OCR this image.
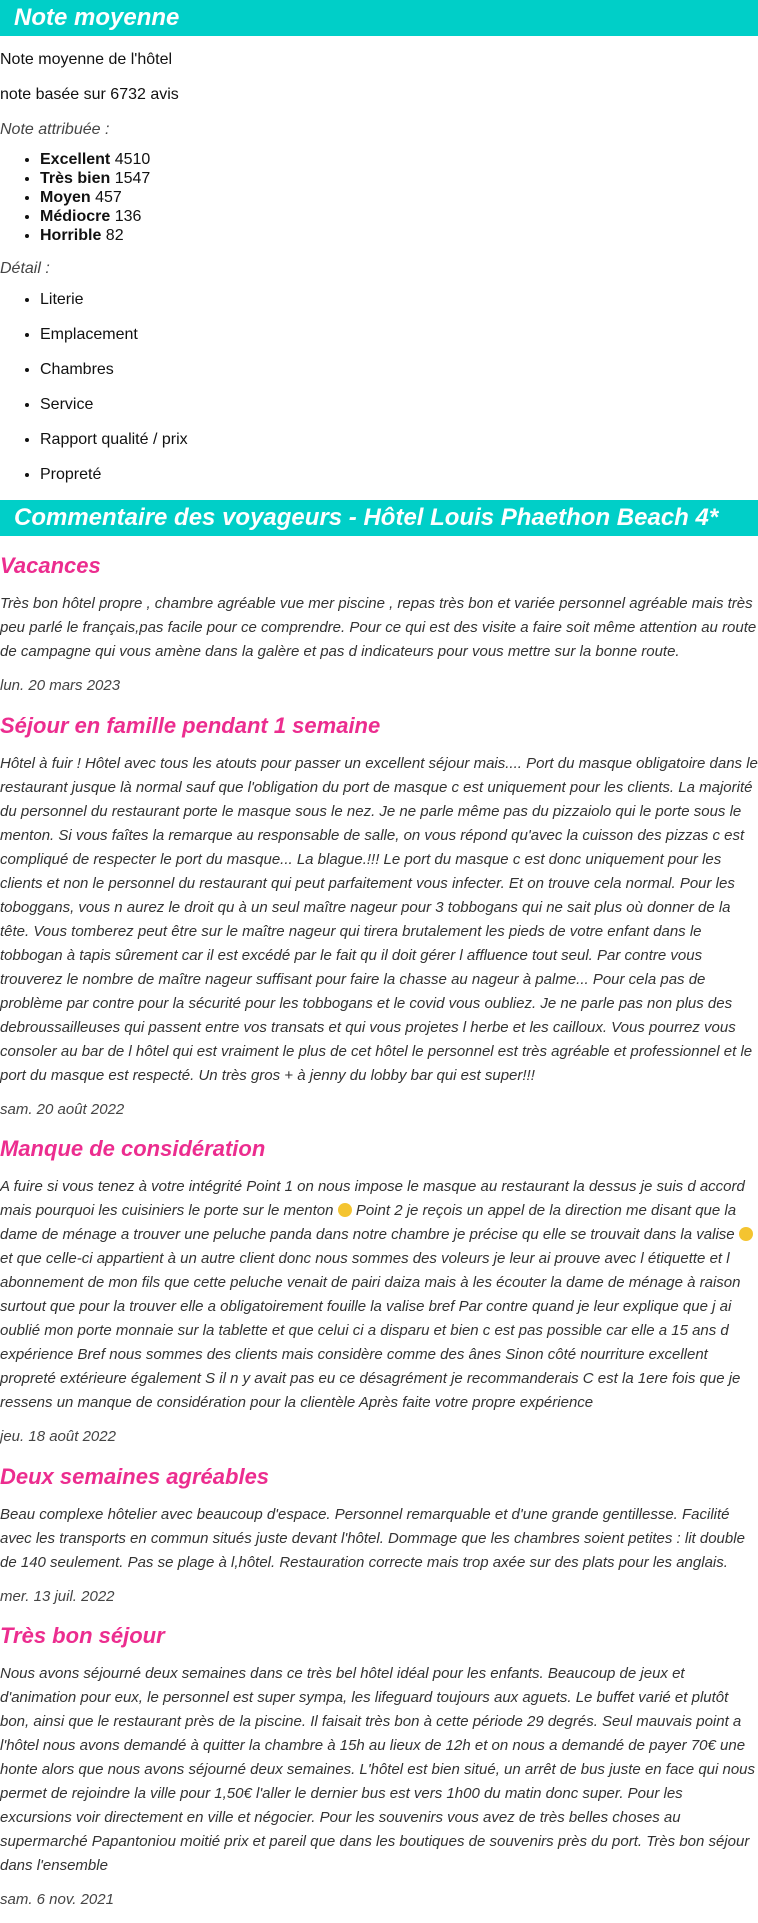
Note moyenne

Note moyenne de l'hôtel

note basée sur 6732 avis

Note attribuée :

• Excellent 4510
• Très bien 1547
• Moyen 457
• Médiocre 136
• Horrible 82

Détail :

• Literie
• Emplacement
• Chambres
• Service
• Rapport qualité / prix
• Propreté
Commentaire des voyageurs - Hôtel Louis Phaethon Beach 4*
Vacances

Très bon hôtel propre , chambre agréable vue mer piscine , repas très bon et variée personnel agréable mais très peu parlé le français,pas facile pour ce comprendre. Pour ce qui est des visite a faire soit même attention au route de campagne qui vous amène dans la galère et pas d indicateurs pour vous mettre sur la bonne route.

lun. 20 mars 2023

Séjour en famille pendant 1 semaine

Hôtel à fuir ! Hôtel avec tous les atouts pour passer un excellent séjour mais.... Port du masque obligatoire dans le restaurant jusque là normal sauf que l'obligation du port de masque c est uniquement pour les clients. La majorité du personnel du restaurant porte le masque sous le nez. Je ne parle même pas du pizzaiolo qui le porte sous le menton. Si vous faîtes la remarque au responsable de salle, on vous répond qu'avec la cuisson des pizzas c est compliqué de respecter le port du masque... La blague.!!! Le port du masque c est donc uniquement pour les clients et non le personnel du restaurant qui peut parfaitement vous infecter. Et on trouve cela normal. Pour les toboggans, vous n aurez le droit qu à un seul maître nageur pour 3 tobbogans qui ne sait plus où donner de la tête. Vous tomberez peut être sur le maître nageur qui tirera brutalement les pieds de votre enfant dans le tobbogan à tapis sûrement car il est excédé par le fait qu il doit gérer l affluence tout seul. Par contre vous trouverez le nombre de maître nageur suffisant pour faire la chasse au nageur à palme... Pour cela pas de problème par contre pour la sécurité pour les tobbogans et le covid vous oubliez. Je ne parle pas non plus des debroussailleuses qui passent entre vos transats et qui vous projetes l herbe et les cailloux. Vous pourrez vous consoler au bar de l hôtel qui est vraiment le plus de cet hôtel le personnel est très agréable et professionnel et le port du masque est respecté. Un très gros + à jenny du lobby bar qui est super!!!

sam. 20 août 2022

Manque de considération

A fuire si vous tenez à votre intégrité Point 1 on nous impose le masque au restaurant la dessus je suis d accord mais pourquoi les cuisiniers le porte sur le menton  Point 2 je reçois un appel de la direction me disant que la dame de ménage a trouver une peluche panda dans notre chambre je précise qu elle se trouvait dans la valise  et que celle-ci appartient à un autre client donc nous sommes des voleurs je leur ai prouve avec l étiquette et l abonnement de mon fils que cette peluche venait de pairi daiza mais à les écouter la dame de ménage à raison surtout que pour la trouver elle a obligatoirement fouille la valise bref Par contre quand je leur explique que j ai oublié mon porte monnaie sur la tablette et que celui ci a disparu et bien c est pas possible car elle a 15 ans d expérience Bref nous sommes des clients mais considère comme des ânes Sinon côté nourriture excellent propreté extérieure également S il n y avait pas eu ce désagrément je recommanderais C est la 1ere fois que je ressens un manque de considération pour la clientèle Après faite votre propre expérience

jeu. 18 août 2022

Deux semaines agréables

Beau complexe hôtelier avec beaucoup d'espace. Personnel remarquable et d'une grande gentillesse. Facilité avec les transports en commun situés juste devant l'hôtel. Dommage que les chambres soient petites : lit double de 140 seulement. Pas se plage à l,hôtel. Restauration correcte mais trop axée sur des plats pour les anglais.

mer. 13 juil. 2022

Très bon séjour

Nous avons séjourné deux semaines dans ce très bel hôtel idéal pour les enfants. Beaucoup de jeux et d'animation pour eux, le personnel est super sympa, les lifeguard toujours aux aguets. Le buffet varié et plutôt bon, ainsi que le restaurant près de la piscine. Il faisait très bon à cette période 29 degrés. Seul mauvais point a l'hôtel nous avons demandé à quitter la chambre à 15h au lieux de 12h et on nous a demandé de payer 70€ une honte alors que nous avons séjourné deux semaines. L'hôtel est bien situé, un arrêt de bus juste en face qui nous permet de rejoindre la ville pour 1,50€ l'aller le dernier bus est vers 1h00 du matin donc super. Pour les excursions voir directement en ville et négocier. Pour les souvenirs vous avez de très belles choses au supermarché Papantoniou moitié prix et pareil que dans les boutiques de souvenirs près du port. Très bon séjour dans l'ensemble

sam. 6 nov. 2021
